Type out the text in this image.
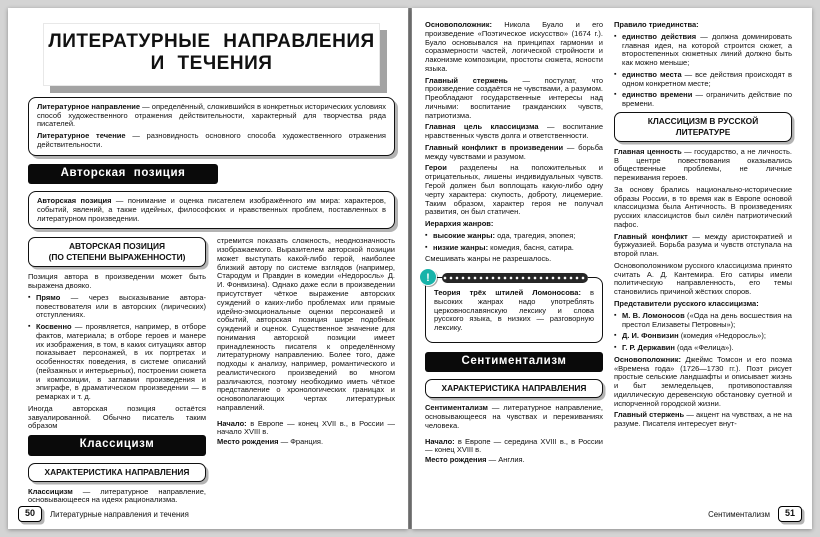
ЛИТЕРАТУРНЫЕ НАПРАВЛЕНИЯ
И ТЕЧЕНИЯ

Литературное направление — определённый, сложившийся в конкретных исторических условиях способ художественного отражения действительности, характерный для творчества ряда писателей.

Литературное течение — разновидность основного способа художественного отражения действительности.

Авторская позиция

Авторская позиция — понимание и оценка писателем изображённого им мира: характеров, событий, явлений, а также идейных, философских и нравственных проблем, поставленных в литературном произведении.

АВТОРСКАЯ ПОЗИЦИЯ
(ПО СТЕПЕНИ ВЫРАЖЕННОСТИ)

Позиция автора в произведении может быть выражена двояко.

▪ Прямо — через высказывание автора-повествователя или в авторских (лирических) отступлениях.

▪ Косвенно — проявляется, например, в отборе фактов, материала; в отборе героев и манере их изображения, в том, в каких ситуациях автор показывает персонажей, в их портретах и особенностях поведения, в системе описаний (пейзажных и интерьерных), построении сюжета и композиции, в заглавии произведения и эпиграфе, в драматическом произведении — в ремарках и т. д.

Иногда авторская позиция остаётся завуалированной. Обычно писатель таким образом

Классицизм
ХАРАКТЕРИСТИКА НАПРАВЛЕНИЯ

Классицизм — литературное направление, основывающееся на идеях рационализма.

стремится показать сложность, неоднозначность изображаемого. Выразителем авторской позиции может выступать какой-либо герой, наиболее близкий автору по системе взглядов (например, Стародум и Правдин в комедии «Недоросль» Д. И. Фонвизина). Однако даже если в произведении присутствует чёткое выражение авторских суждений о каких-либо проблемах или прямые идейно-эмоциональные оценки персонажей и событий, авторская позиция шире подобных суждений и оценок. Существенное значение для понимания авторской позиции имеет принадлежность писателя к определённому литературному направлению. Более того, даже подходы к анализу, например, романтического и реалистического произведений во многом различаются, поэтому необходимо иметь чёткое представление о хронологических границах и основополагающих чертах литературных направлений.

Начало: в Европе — конец XVII в., в России — начало XVIII в.

Место рождения — Франция.

50	Литературные направления и течения

Основоположник: Никола Буало и его произведение «Поэтическое искусство» (1674 г.). Буало основывался на принципах гармонии и соразмерности частей, логической стройности и лаконизме композиции, простоты сюжета, ясности языка.

Главный стержень — постулат, что произведение создаётся не чувствами, а разумом. Преобладают государственные интересы над личными: воспитание гражданских чувств, патриотизма.

Главная цель классицизма — воспитание нравственных чувств долга и ответственности.

Главный конфликт в произведении — борьба между чувствами и разумом.

Герои разделены на положительных и отрицательных, лишены индивидуальных чувств. Герой должен был воплощать какую-либо одну черту характера: скупость, доброту, лицемерие. Таким образом, характер героя не получал развития, он был статичен.

Иерархия жанров:

▪ высокие жанры: ода, трагедия, эпопея;

▪ низкие жанры: комедия, басня, сатира.

Смешивать жанры не разрешалось.

!

Теория трёх штилей Ломоносова: в высоких жанрах надо употреблять церковнославянскую лексику и слова русского языка, в низких — разговорную лексику.

Сентиментализм
ХАРАКТЕРИСТИКА НАПРАВЛЕНИЯ

Сентиментализм — литературное направление, основывающееся на чувствах и переживаниях человека.

Начало: в Европе — середина XVIII в., в России — конец XVIII в.

Место рождения — Англия.

Правило триединства:

▪ единство действия — должна доминировать главная идея, на которой строится сюжет, а второстепенных сюжетных линий должно быть как можно меньше;

▪ единство места — все действия происходят в одном конкретном месте;

▪ единство времени — ограничить действие по времени.

КЛАССИЦИЗМ В РУССКОЙ
ЛИТЕРАТУРЕ

Главная ценность — государство, а не личность. В центре повествования оказывались общественные проблемы, не личные переживания героев.

За основу брались национально-исторические образы России, в то время как в Европе основой классицизма была Античность. В произведениях русских классицистов был силён патриотический пафос.

Главный конфликт — между аристократией и буржуазией. Борьба разума и чувств отступала на второй план.

Основоположником русского классицизма принято считать А. Д. Кантемира. Его сатиры имели политическую направленность, его темы становились причиной жёстких споров.

Представители русского классицизма:

▪ М. В. Ломоносов («Ода на день восшествия на престол Елизаветы Петровны»);

▪ Д. И. Фонвизин (комедия «Недоросль»);

▪ Г. Р. Державин (ода «Фелица»).

Основоположник: Джеймс Томсон и его поэма «Времена года» (1726—1730 гг.). Поэт рисует простые сельские ландшафты и описывает жизнь и быт земледельцев, противопоставляя идиллическую деревенскую обстановку суетной и испорченной городской жизни.

Главный стержень — акцент на чувствах, а не на разуме. Писателя интересует внут-

Сентиментализм	51
